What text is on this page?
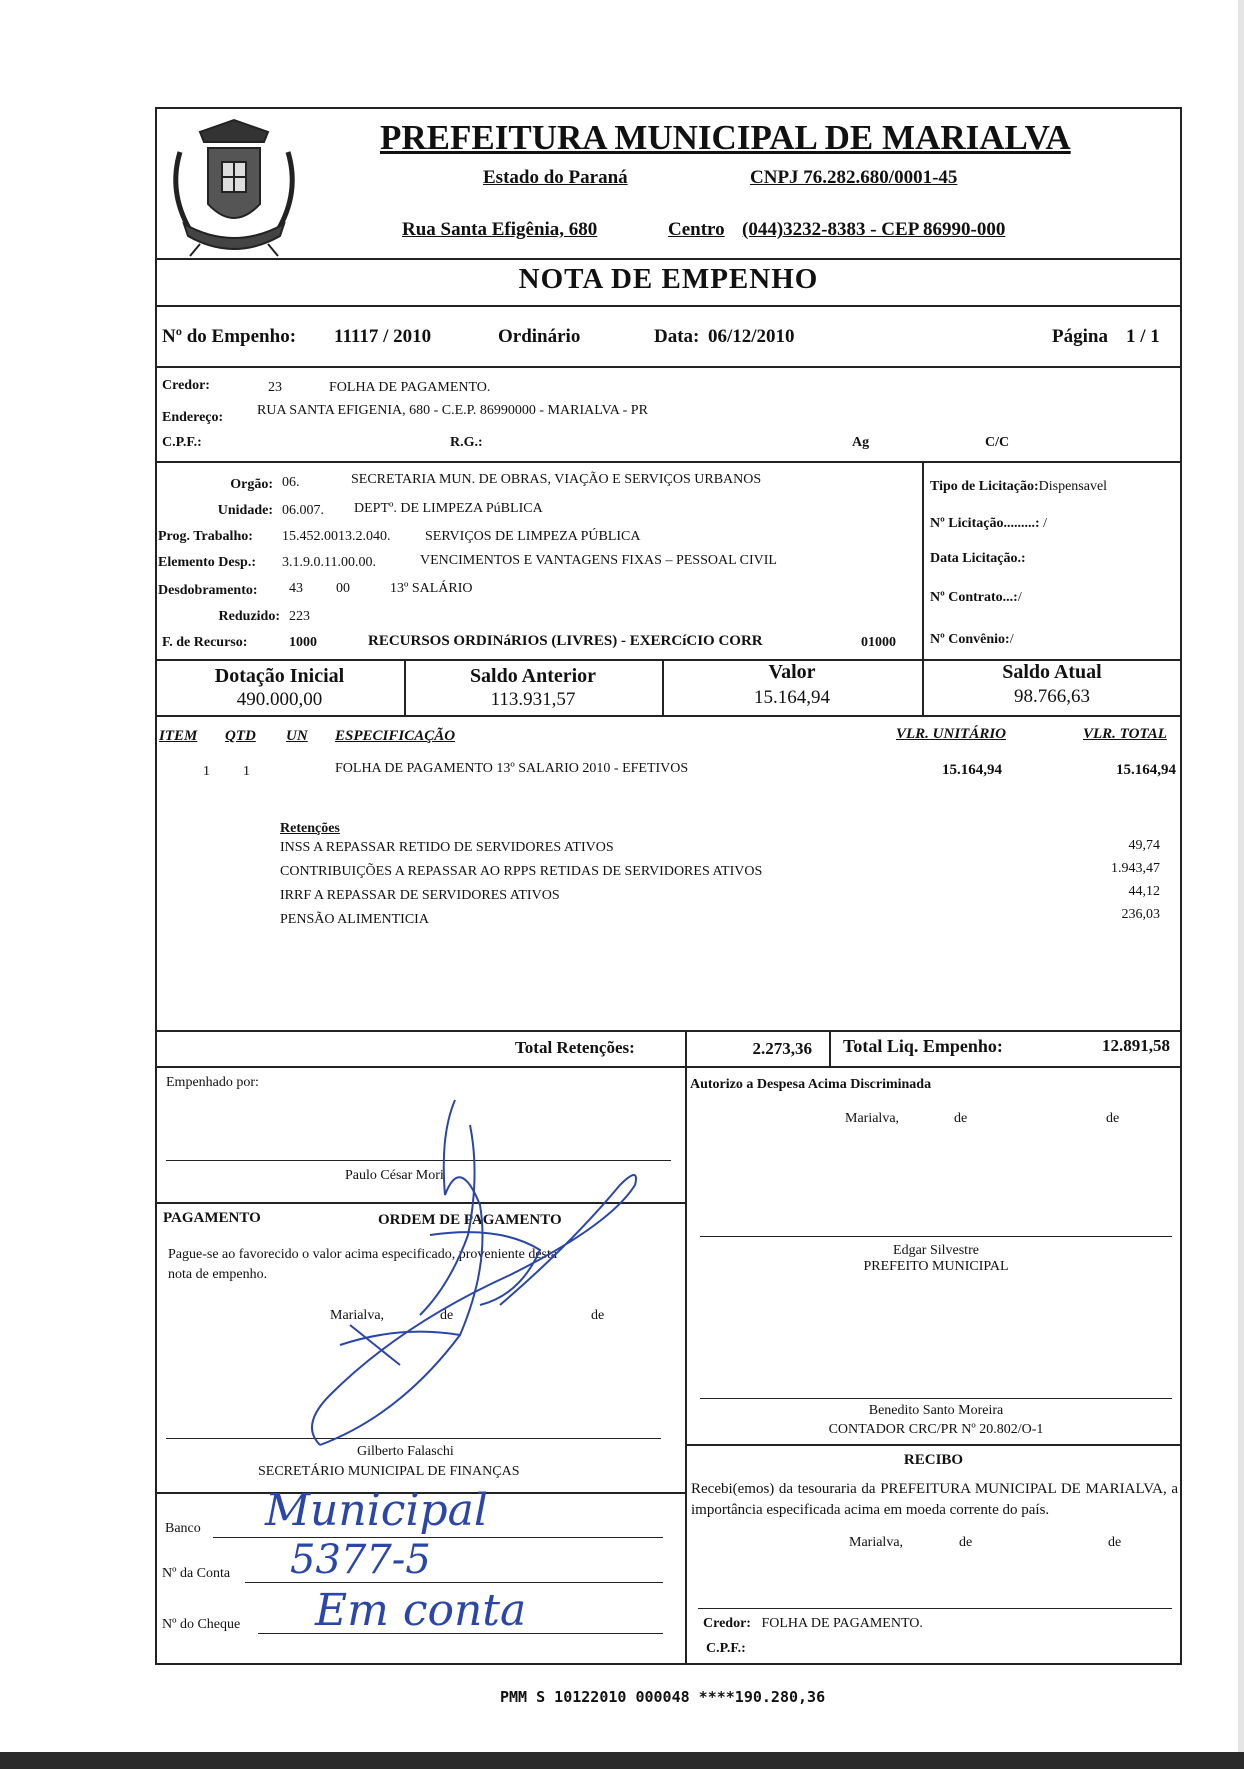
PREFEITURA MUNICIPAL DE MARIALVA
Estado do Paraná	CNPJ 76.282.680/0001-45
Rua Santa Efigênia, 680	Centro (044)3232-8383 - CEP 86990-000
NOTA DE EMPENHO
Nº do Empenho: 11117 / 2010	Ordinário	Data: 06/12/2010	Página 1 / 1
Credor:	23	FOLHA DE PAGAMENTO.
Endereço: RUA SANTA EFIGENIA, 680 - C.E.P. 86990000 - MARIALVA - PR
C.P.F.:	R.G.:	Ag	C/C
Orgão: 06.	SECRETARIA MUN. DE OBRAS, VIAÇÃO E SERVIÇOS URBANOS
Unidade: 06.007. DEPTº. DE LIMPEZA PúBLICA
Prog. Trabalho: 15.452.0013.2.040. SERVIÇOS DE LIMPEZA PÚBLICA
Elemento Desp.: 3.1.9.0.11.00.00.	VENCIMENTOS E VANTAGENS FIXAS – PESSOAL CIVIL
Desdobramento: 43 00	13º SALÁRIO
Reduzido: 223
F. de Recurso:	1000	RECURSOS ORDINáRIOS (LIVRES) - EXERCíCIO CORR	01000
Tipo de Licitação:Dispensavel
Nº Licitação.........: /
Data Licitação.:
Nº Contrato...:/
Nº Convênio:/
Dotação Inicial
490.000,00
Saldo Anterior
113.931,57
Valor
15.164,94
Saldo Atual
98.766,63
ITEM QTD UN ESPECIFICAÇÃO	VLR. UNITÁRIO	VLR. TOTAL
1 1	FOLHA DE PAGAMENTO 13º SALARIO 2010 - EFETIVOS	15.164,94	15.164,94
Retenções
INSS A REPASSAR RETIDO DE SERVIDORES ATIVOS	49,74
CONTRIBUIÇÕES A REPASSAR AO RPPS RETIDAS DE SERVIDORES ATIVOS	1.943,47
IRRF A REPASSAR DE SERVIDORES ATIVOS	44,12
PENSÃO ALIMENTICIA	236,03
Total Retenções:	2.273,36 Total Liq. Empenho:	12.891,58
Empenhado por:
Paulo César Mori
Autorizo a Despesa Acima Discriminada
Marialva,	de	de
Edgar Silvestre
PREFEITO MUNICIPAL
Benedito Santo Moreira
CONTADOR CRC/PR Nº 20.802/O-1
PAGAMENTO	ORDEM DE PAGAMENTO
Pague-se ao favorecido o valor acima especificado, proveniente desta
nota de empenho.
Marialva,	de	de
Gilberto Falaschi
SECRETÁRIO MUNICIPAL DE FINANÇAS
Banco Municipal
Nº da Conta 5377-5
Nº do Cheque Em conta
RECIBO
Recebi(emos) da tesouraria da PREFEITURA MUNICIPAL DE MARIALVA, a importância especificada acima em moeda corrente do país.
Marialva,	de	de
Credor: FOLHA DE PAGAMENTO.
C.P.F.:
PMM S 10122010 000048 ****190.280,36
